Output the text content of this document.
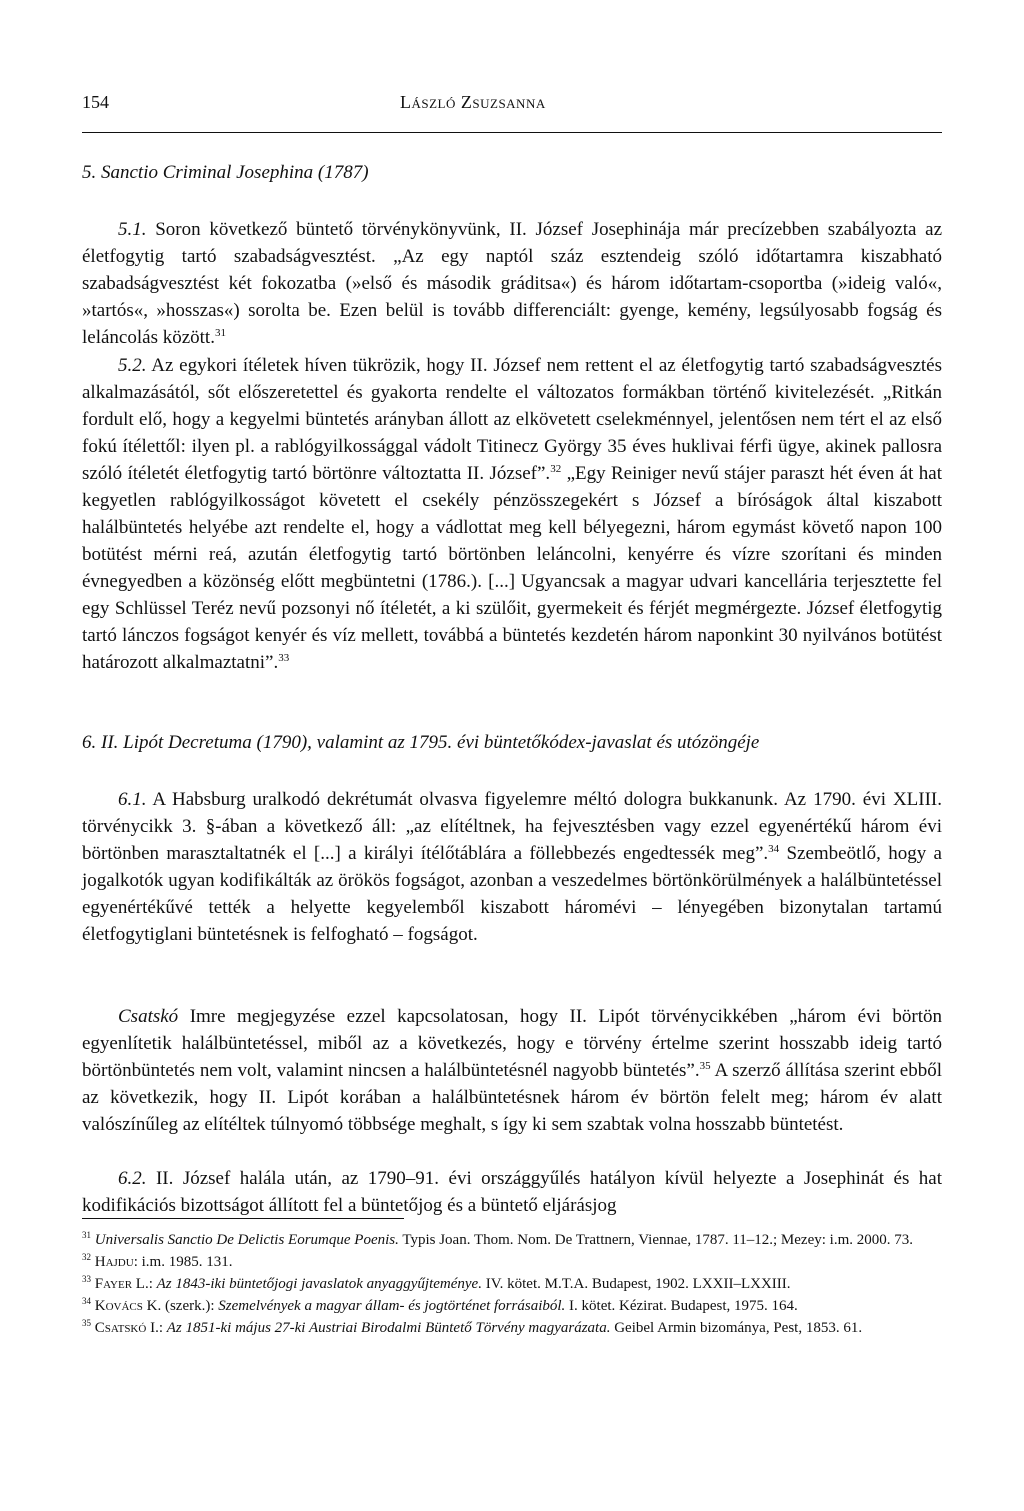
154	László Zsuzsanna
5. Sanctio Criminal Josephina (1787)
5.1. Soron következő büntető törvénykönyvünk, II. József Josephinája már precízebben szabályozta az életfogytig tartó szabadságvesztést. „Az egy naptól száz esztendeig szóló időtartamra kiszabható szabadságvesztést két fokozatba (»első és második gráditsa«) és három időtartam-csoportba (»ideig való«, »tartós«, »hosszas«) sorolta be. Ezen belül is tovább differenciált: gyenge, kemény, legsúlyosabb fogság és leláncolás között.$^{31}$
5.2. Az egykori ítéletek híven tükrözik, hogy II. József nem rettent el az életfogytig tartó szabadságvesztés alkalmazásától, sőt előszeretettel és gyakorta rendelte el változatos formákban történő kivitelezését. „Ritkán fordult elő, hogy a kegyelmi büntetés arányban állott az elkövetett cselekménnyel, jelentősen nem tért el az első fokú ítélettől: ilyen pl. a rablógyilkossággal vádolt Titinecz György 35 éves huklivai férfi ügye, akinek pallosra szóló ítéletét életfogytig tartó börtönre változtatta II. József”.$^{32}$ „Egy Reiniger nevű stájer paraszt hét éven át hat kegyetlen rablógyilkosságot követett el csekély pénzösszegekért s József a bíróságok által kiszabott halálbüntetés helyébe azt rendelte el, hogy a vádlottat meg kell bélyegezni, három egymást követő napon 100 botütést mérni reá, azután életfogytig tartó börtönben leláncolni, kenyérre és vízre szorítani és minden évnegyedben a közönség előtt megbüntetni (1786.). [...] Ugyancsak a magyar udvari kancellária terjesztette fel egy Schlüssel Teréz nevű pozsonyi nő ítéletét, a ki szülőit, gyermekeit és férjét megmérgezte. József életfogytig tartó lánczos fogságot kenyér és víz mellett, továbbá a büntetés kezdetén három naponkint 30 nyilvános botütést határozott alkalmaztatni”.$^{33}$
6. II. Lipót Decretuma (1790), valamint az 1795. évi büntetőkódex-javaslat és utózöngéje
6.1. A Habsburg uralkodó dekrétumát olvasva figyelemre méltó dologra bukkanunk. Az 1790. évi XLIII. törvénycikk 3. §-ában a következő áll: „az elítéltnek, ha fejvesztésben vagy ezzel egyenértékű három évi börtönben marasztaltatnék el [...] a királyi ítélőtáblára a föllebbezés engedtessék meg”.$^{34}$ Szembeötlő, hogy a jogalkotók ugyan kodifikálták az örökös fogságot, azonban a veszedelmes börtönkörülmények a halálbüntetéssel egyenértékűvé tették a helyette kegyelemből kiszabott háromévi – lényegében bizonytalan tartamú életfogytiglani büntetésnek is felfogható – fogságot.
Csatskó Imre megjegyzése ezzel kapcsolatosan, hogy II. Lipót törvénycikkében „három évi börtön egyenlítetik halálbüntetéssel, miből az a következés, hogy e törvény értelme szerint hosszabb ideig tartó börtönbüntetés nem volt, valamint nincsen a halálbüntetésnél nagyobb büntetés”.$^{35}$ A szerző állítása szerint ebből az következik, hogy II. Lipót korában a halálbüntetésnek három év börtön felelt meg; három év alatt valószínűleg az elítéltek túlnyomó többsége meghalt, s így ki sem szabtak volna hosszabb büntetést.
6.2. II. József halála után, az 1790–91. évi országgyűlés hatályon kívül helyezte a Josephinát és hat kodifikációs bizottságot állított fel a büntetőjog és a büntető eljárásjog
$^{31}$ Universalis Sanctio De Delictis Eorumque Poenis. Typis Joan. Thom. Nom. De Trattnern, Viennae, 1787. 11–12.; Mezey: i.m. 2000. 73.
$^{32}$ Hajdu: i.m. 1985. 131.
$^{33}$ Fayer L.: Az 1843-iki büntetőjogi javaslatok anyaggyűjteménye. IV. kötet. M.T.A. Budapest, 1902. LXXII–LXXIII.
$^{34}$ Kovács K. (szerk.): Szemelvények a magyar állam- és jogtörténet forrásaiból. I. kötet. Kézirat. Budapest, 1975. 164.
$^{35}$ Csatskó I.: Az 1851-ki május 27-ki Austriai Birodalmi Büntető Törvény magyarázata. Geibel Armin bizománya, Pest, 1853. 61.
